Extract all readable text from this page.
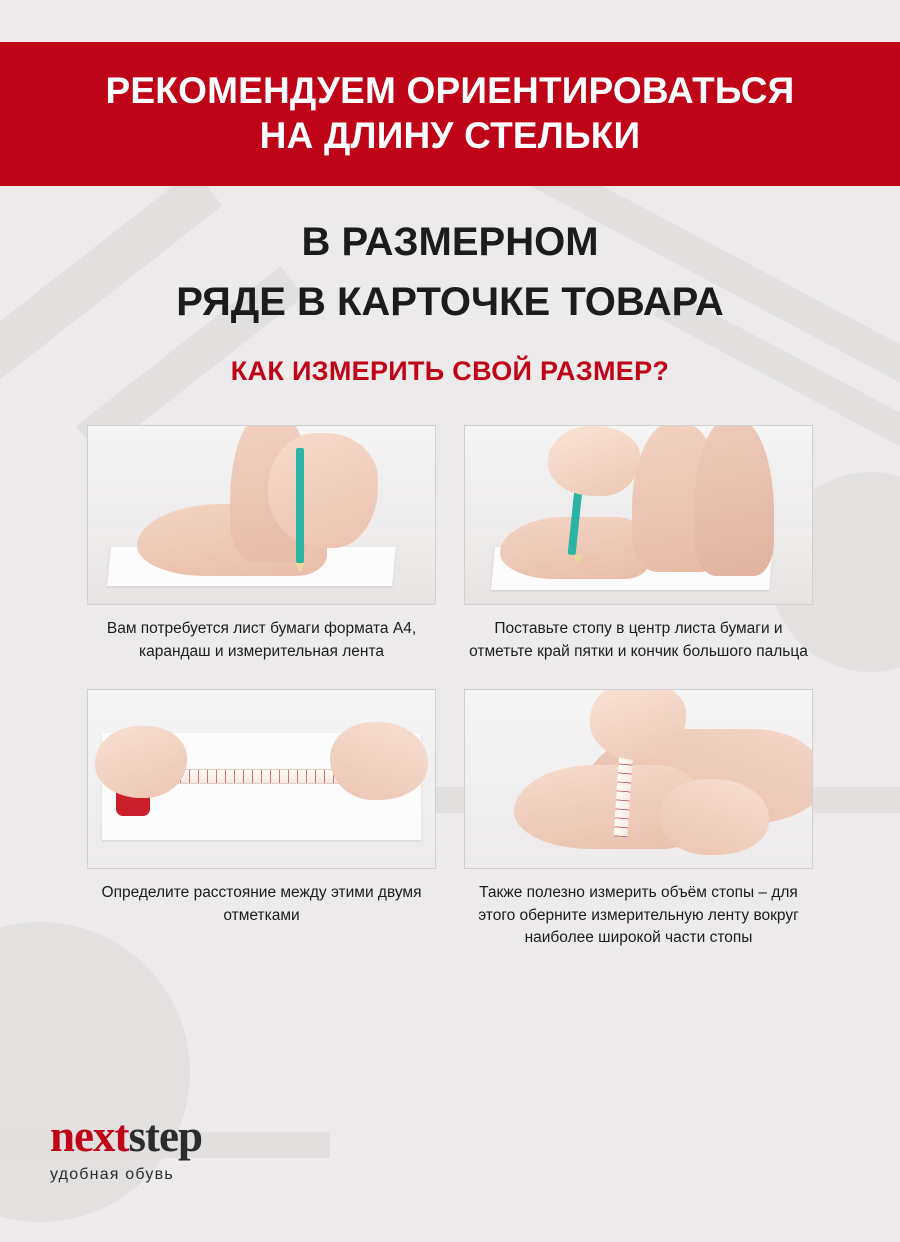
РЕКОМЕНДУЕМ ОРИЕНТИРОВАТЬСЯ
НА ДЛИНУ СТЕЛЬКИ

В РАЗМЕРНОМ
РЯДЕ В КАРТОЧКЕ ТОВАРА

КАК ИЗМЕРИТЬ СВОЙ РАЗМЕР?

Вам потребуется лист бумаги формата А4, карандаш и измерительная лента
Поставьте стопу в центр листа бумаги и отметьте край пятки и кончик большого пальца
Определите расстояние между этими двумя отметками
Также полезно измерить объём стопы – для этого оберните измерительную ленту вокруг наиболее широкой части стопы
nextstep
удобная обувь
